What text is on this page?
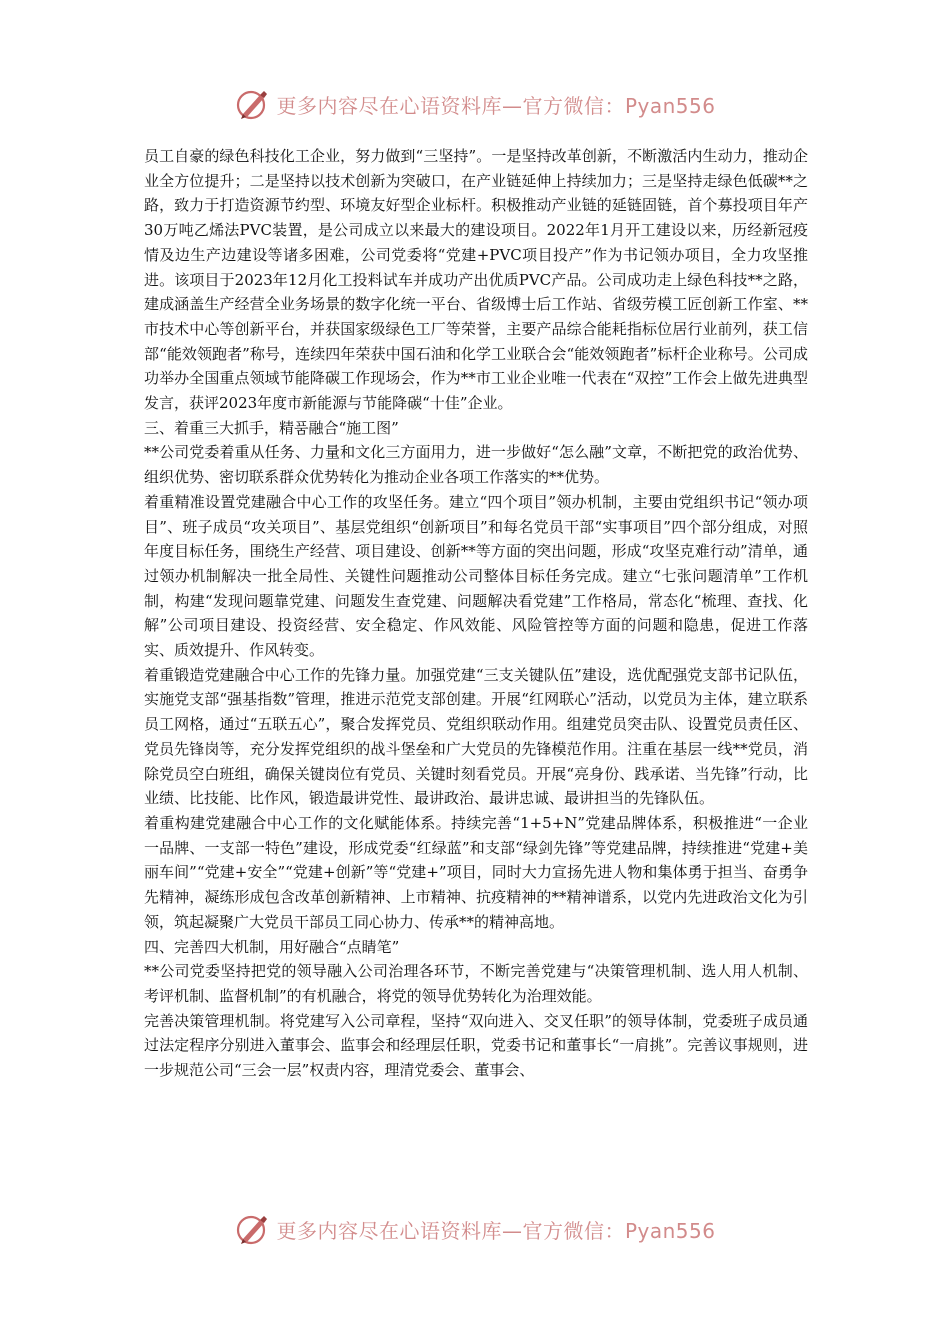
更多内容尽在心语资料库—官方微信：Pyan556

员工自豪的绿色科技化工企业，努力做到“三坚持”。一是坚持改革创新，不断激活内生动力，推动企业全方位提升；二是坚持以技术创新为突破口，在产业链延伸上持续加力；三是坚持走绿色低碳**之路，致力于打造资源节约型、环境友好型企业标杆。积极推动产业链的延链固链，首个募投项目年产30万吨乙烯法PVC装置，是公司成立以来最大的建设项目。2022年1月开工建设以来，历经新冠疫情及边生产边建设等诸多困难，公司党委将“党建+PVC项目投产”作为书记领办项目，全力攻坚推进。该项目于2023年12月化工投料试车并成功产出优质PVC产品。公司成功走上绿色科技**之路，建成涵盖生产经营全业务场景的数字化统一平台、省级博士后工作站、省级劳模工匠创新工作室、**市技术中心等创新平台，并获国家级绿色工厂等荣誉，主要产品综合能耗指标位居行业前列，获工信部“能效领跑者”称号，连续四年荣获中国石油和化学工业联合会“能效领跑者”标杆企业称号。公司成功举办全国重点领域节能降碳工作现场会，作为**市工业企业唯一代表在“双控”工作会上做先进典型发言，获评2023年度市新能源与节能降碳“十佳”企业。

三、着重三大抓手，精품融合“施工图”

**公司党委着重从任务、力量和文化三方面用力，进一步做好“怎么融”文章，不断把党的政治优势、组织优势、密切联系群众优势转化为推动企业各项工作落实的**优势。

着重精准设置党建融合中心工作的攻坚任务。建立“四个项目”领办机制，主要由党组织书记“领办项目”、班子成员“攻关项目”、基层党组织“创新项目”和每名党员干部“实事项目”四个部分组成，对照年度目标任务，围绕生产经营、项目建设、创新**等方面的突出问题，形成“攻坚克难行动”清单，通过领办机制解决一批全局性、关键性问题推动公司整体目标任务完成。建立“七张问题清单”工作机制，构建“发现问题靠党建、问题发生查党建、问题解决看党建”工作格局，常态化“梳理、查找、化解”公司项目建设、投资经营、安全稳定、作风效能、风险管控等方面的问题和隐患，促进工作落实、质效提升、作风转变。

着重锻造党建融合中心工作的先锋力量。加强党建“三支关键队伍”建设，选优配强党支部书记队伍，实施党支部“强基指数”管理，推进示范党支部创建。开展“红网联心”活动，以党员为主体，建立联系员工网格，通过“五联五心”，聚合发挥党员、党组织联动作用。组建党员突击队、设置党员责任区、党员先锋岗等，充分发挥党组织的战斗堡垒和广大党员的先锋模范作用。注重在基层一线**党员，消除党员空白班组，确保关键岗位有党员、关键时刻看党员。开展“亮身份、践承诺、当先锋”行动，比业绩、比技能、比作风，锻造最讲党性、最讲政治、最讲忠诚、最讲担当的先锋队伍。

着重构建党建融合中心工作的文化赋能体系。持续完善“1+5+N”党建品牌体系，积极推进“一企业一品牌、一支部一特色”建设，形成党委“红绿蓝”和支部“绿剑先锋”等党建品牌，持续推进“党建+美丽车间”“党建+安全”“党建+创新”等“党建+”项目，同时大力宣扬先进人物和集体勇于担当、奋勇争先精神，凝练形成包含改革创新精神、上市精神、抗疫精神的**精神谱系，以党内先进政治文化为引领，筑起凝聚广大党员干部员工同心协力、传承**的精神高地。

四、完善四大机制，用好融合“点睛笔”

**公司党委坚持把党的领导融入公司治理各环节，不断完善党建与“决策管理机制、选人用人机制、考评机制、监督机制”的有机融合，将党的领导优势转化为治理效能。

完善决策管理机制。将党建写入公司章程，坚持“双向进入、交叉任职”的领导体制，党委班子成员通过法定程序分别进入董事会、监事会和经理层任职，党委书记和董事长“一肩挑”。完善议事规则，进一步规范公司“三会一层”权责内容，理清党委会、董事会、

更多内容尽在心语资料库—官方微信：Pyan556
